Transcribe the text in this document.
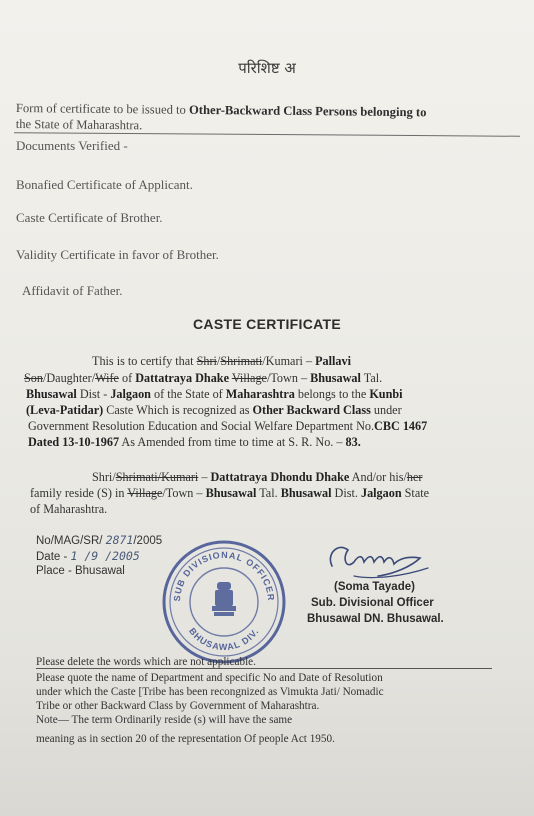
परिशिष्ट अ
Form of certificate to be issued to Other-Backward Class Persons belonging to
the State of Maharashtra.
Documents Verified -
Bonafied Certificate of Applicant.
Caste Certificate of Brother.
Validity Certificate in favor of Brother.
Affidavit of Father.
CASTE CERTIFICATE
This is to certify that Shri/Shrimati/Kumari – Pallavi
Son/Daughter/Wife of Dattatraya Dhake Village/Town – Bhusawal Tal.
Bhusawal Dist - Jalgaon of the State of Maharashtra belongs to the Kunbi
(Leva-Patidar) Caste Which is recognized as Other Backward Class under
Government Resolution Education and Social Welfare Department No.CBC 1467
Dated 13-10-1967 As Amended from time to time at S. R. No. – 83.
Shri/Shrimati/Kumari – Dattatraya Dhondu Dhake And/or his/her
family reside (S) in Village/Town – Bhusawal Tal. Bhusawal Dist. Jalgaon State
of Maharashtra.
No/MAG/SR/ 2871/2005
Date - 1 /9 /2005
Place - Bhusawal
SUB DIVISIONAL OFFICER
BHUSAWAL DIV.
(Soma Tayade)
Sub. Divisional Officer
Bhusawal DN. Bhusawal.
Please delete the words which are not applicable.
Please quote the name of Department and specific No and Date of Resolution
under which the Caste [Tribe has been recongnized as Vimukta Jati/ Nomadic
Tribe or other Backward Class by Government of Maharashtra.
Note— The term Ordinarily reside (s) will have the same
meaning as in section 20 of the representation Of people Act 1950.
